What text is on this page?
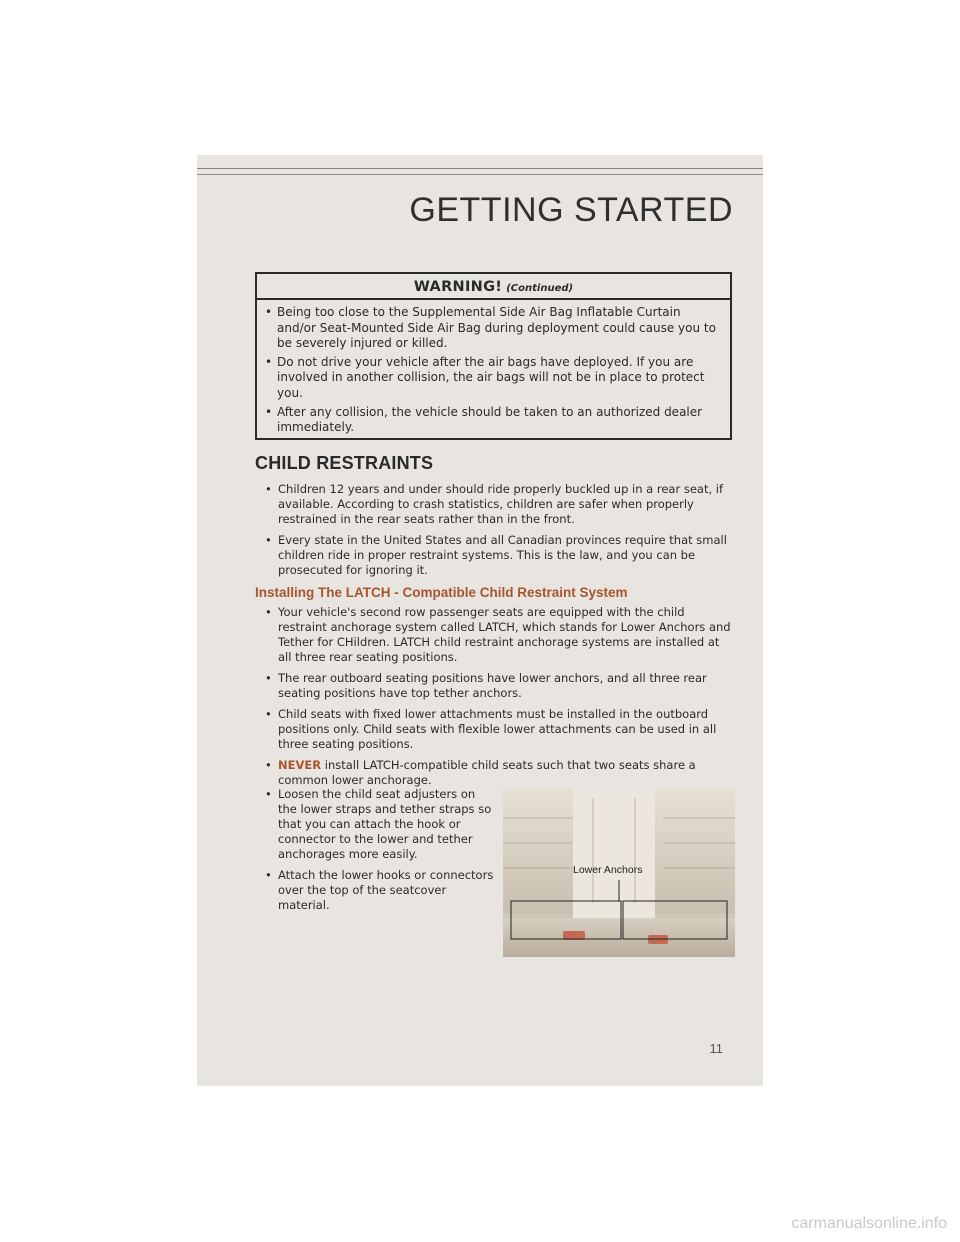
GETTING STARTED
WARNING! (Continued)
• Being too close to the Supplemental Side Air Bag Inflatable Curtain and/or Seat-Mounted Side Air Bag during deployment could cause you to be severely injured or killed.
• Do not drive your vehicle after the air bags have deployed. If you are involved in another collision, the air bags will not be in place to protect you.
• After any collision, the vehicle should be taken to an authorized dealer immediately.
CHILD RESTRAINTS
• Children 12 years and under should ride properly buckled up in a rear seat, if available. According to crash statistics, children are safer when properly restrained in the rear seats rather than in the front.
• Every state in the United States and all Canadian provinces require that small children ride in proper restraint systems. This is the law, and you can be prosecuted for ignoring it.
Installing The LATCH - Compatible Child Restraint System
• Your vehicle's second row passenger seats are equipped with the child restraint anchorage system called LATCH, which stands for Lower Anchors and Tether for CHildren. LATCH child restraint anchorage systems are installed at all three rear seating positions.
• The rear outboard seating positions have lower anchors, and all three rear seating positions have top tether anchors.
• Child seats with fixed lower attachments must be installed in the outboard positions only. Child seats with flexible lower attachments can be used in all three seating positions.
• NEVER install LATCH-compatible child seats such that two seats share a common lower anchorage.
• Loosen the child seat adjusters on the lower straps and tether straps so that you can attach the hook or connector to the lower and tether anchorages more easily.
• Attach the lower hooks or connectors over the top of the seatcover material.
Lower Anchors
11
carmanualsonline.info
